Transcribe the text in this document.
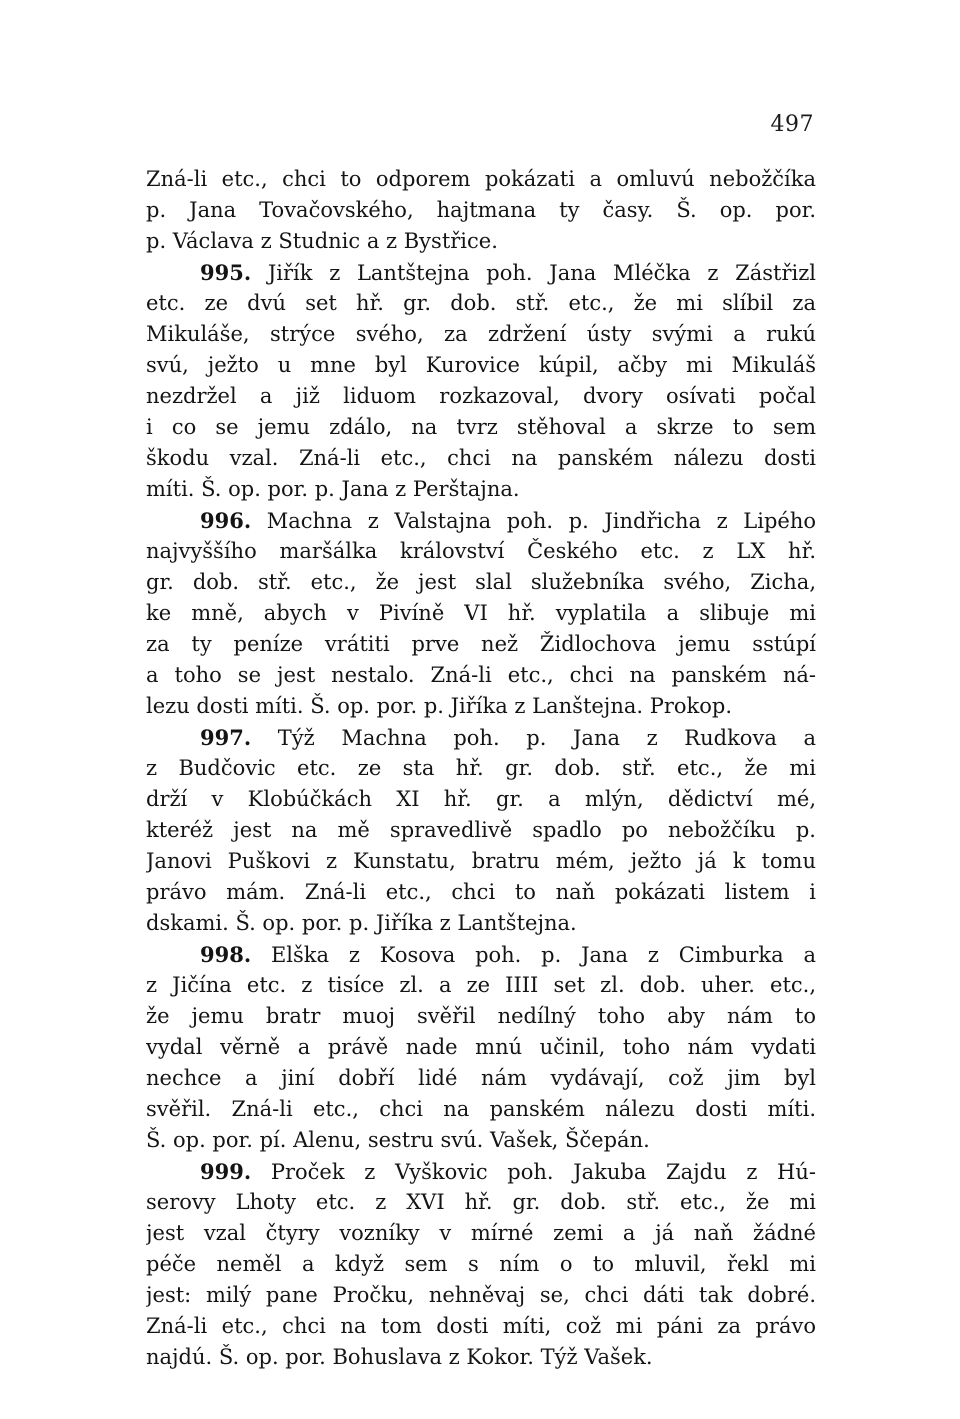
497
Zná-li etc., chci to odporem pokázati a omluvú nebožčíka
p. Jana Tovačovského, hajtmana ty časy. Š. op. por.
p. Václava z Studnic a z Bystřice.
995. Jiřík z Lantštejna poh. Jana Mléčka z Zástřizl
etc. ze dvú set hř. gr. dob. stř. etc., že mi slíbil za
Mikuláše, strýce svého, za zdržení ústy svými a rukú
svú, ježto u mne byl Kurovice kúpil, ačby mi Mikuláš
nezdržel a již liduom rozkazoval, dvory osívati počal
i co se jemu zdálo, na tvrz stěhoval a skrze to sem
škodu vzal. Zná-li etc., chci na panském nálezu dosti
míti. Š. op. por. p. Jana z Perštajna.
996. Machna z Valstajna poh. p. Jindřicha z Lipého
najvyššího maršálka království Českého etc. z LX hř.
gr. dob. stř. etc., že jest slal služebníka svého, Zicha,
ke mně, abych v Pivíně VI hř. vyplatila a slibuje mi
za ty peníze vrátiti prve než Židlochova jemu sstúpí
a toho se jest nestalo. Zná-li etc., chci na panském ná-
lezu dosti míti. Š. op. por. p. Jiříka z Lanštejna. Prokop.
997. Týž Machna poh. p. Jana z Rudkova a
z Budčovic etc. ze sta hř. gr. dob. stř. etc., že mi
drží v Klobúčkách XI hř. gr. a mlýn, dědictví mé,
kteréž jest na mě spravedlivě spadlo po nebožčíku p.
Janovi Puškovi z Kunstatu, bratru mém, ježto já k tomu
právo mám. Zná-li etc., chci to naň pokázati listem i
dskami. Š. op. por. p. Jiříka z Lantštejna.
998. Elška z Kosova poh. p. Jana z Cimburka a
z Jičína etc. z tisíce zl. a ze IIII set zl. dob. uher. etc.,
že jemu bratr muoj svěřil nedílný toho aby nám to
vydal věrně a právě nade mnú učinil, toho nám vydati
nechce a jiní dobří lidé nám vydávají, což jim byl
svěřil. Zná-li etc., chci na panském nálezu dosti míti.
Š. op. por. pí. Alenu, sestru svú. Vašek, Ščepán.
999. Proček z Vyškovic poh. Jakuba Zajdu z Hú-
serovy Lhoty etc. z XVI hř. gr. dob. stř. etc., že mi
jest vzal čtyry vozníky v mírné zemi a já naň žádné
péče neměl a když sem s ním o to mluvil, řekl mi
jest: milý pane Pročku, nehněvaj se, chci dáti tak dobré.
Zná-li etc., chci na tom dosti míti, což mi páni za právo
najdú. Š. op. por. Bohuslava z Kokor. Týž Vašek.
